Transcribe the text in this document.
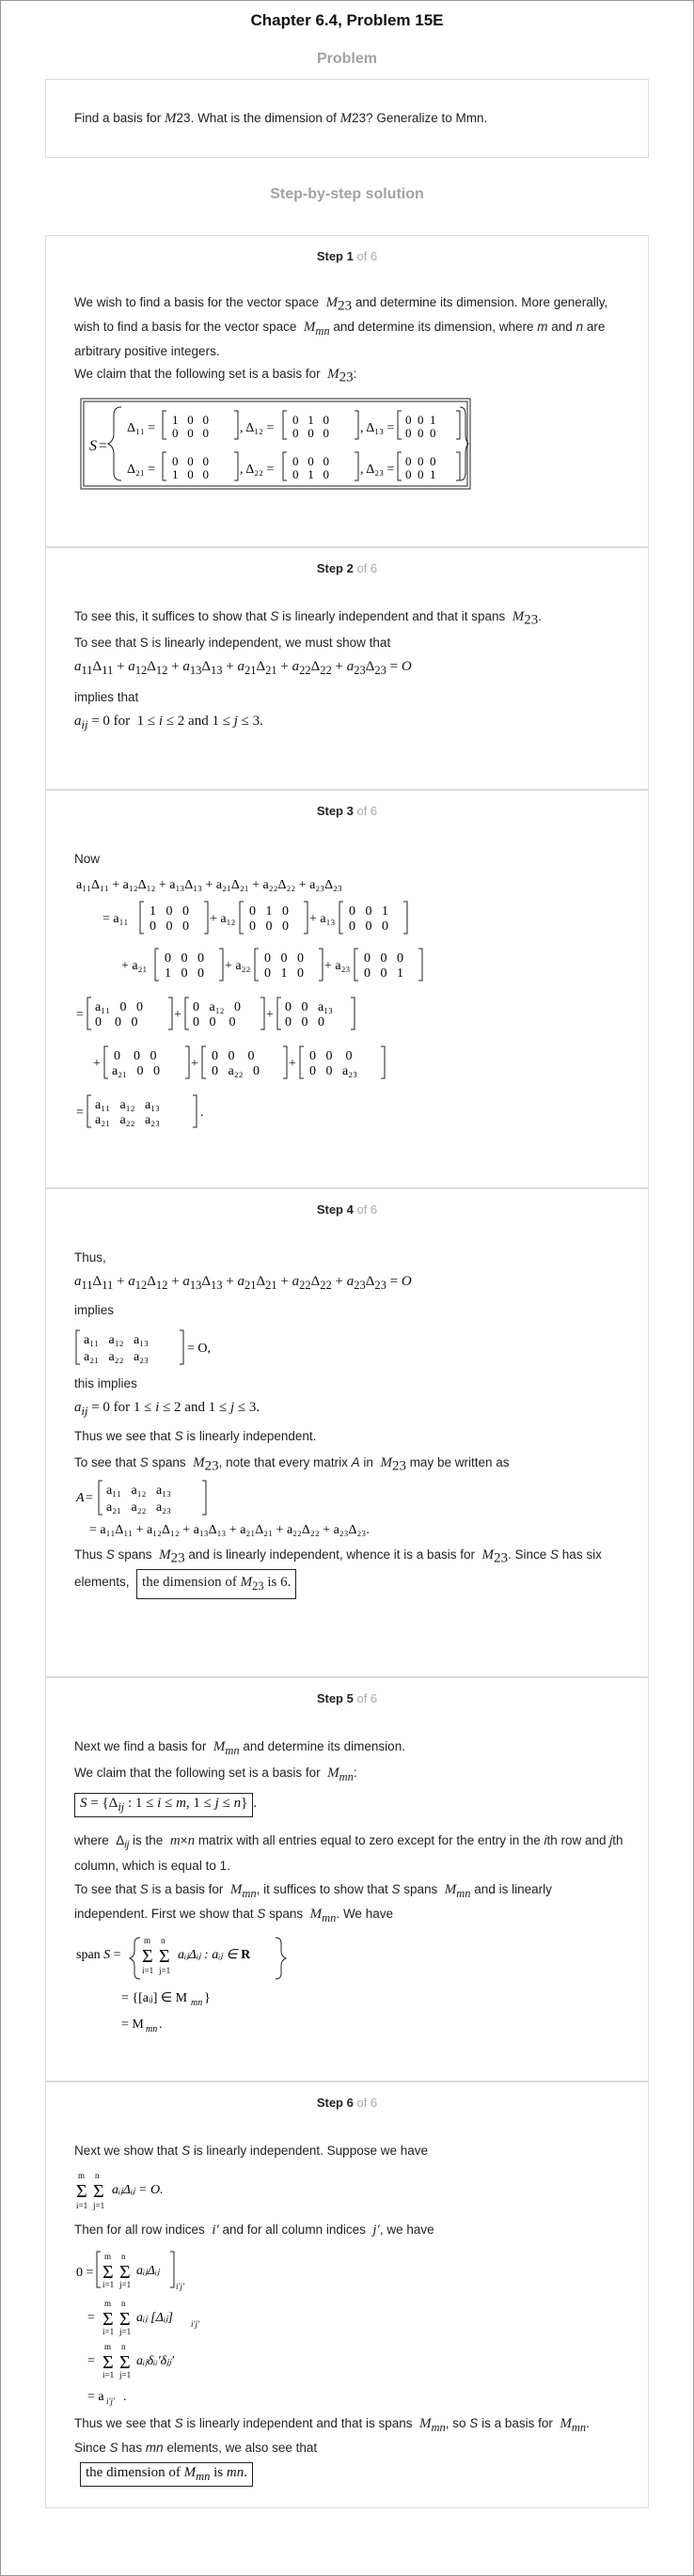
Chapter 6.4, Problem 15E
Problem
Find a basis for M23. What is the dimension of M23? Generalize to Mmn.
Step-by-step solution
Step 1 of 6
We wish to find a basis for the vector space  $M_{23}$ and determine its dimension. More generally, wish to find a basis for the vector space  $M_{mn}$ and determine its dimension, where m and n are arbitrary positive integers.
We claim that the following set is a basis for  $M_{23}$:
S =
Δ₁₁ =
1   0   0
0   0   0 , Δ₁₂ =
0   1   0
0   0   0 , Δ₁₃ =
0  0  1
0  0  0
Δ₂₁ =
0   0   0
1   0   0 , Δ₂₂ =
0   0   0
0   1   0 , Δ₂₃ =
0  0  0
0  0  1
Step 2 of 6
To see this, it suffices to show that S is linearly independent and that it spans  $M_{23}$.
To see that S is linearly independent, we must show that
$a_{11}\Delta_{11} + a_{12}\Delta_{12} + a_{13}\Delta_{13} + a_{21}\Delta_{21} + a_{22}\Delta_{22} + a_{23}\Delta_{23} = O$
implies that
$a_{ij} = 0$ for  1 ≤ i ≤ 2 and 1 ≤ j ≤ 3.
Step 3 of 6
Now
a₁₁Δ₁₁ + a₁₂Δ₁₂ + a₁₃Δ₁₃ + a₂₁Δ₂₁ + a₂₂Δ₂₂ + a₂₃Δ₂₃
= a₁₁
1   0   0
0   0   0
+ a₁₂
0   1   0
0   0   0
+ a₁₃
0   0   1
0   0   0
+ a₂₁
0   0   0
1   0   0
+ a₂₂
0   0   0
0   1   0
+ a₂₃
0   0   0
0   0   1
=
a₁₁   0   0
0    0   0
+
0   a₁₂   0
0   0    0
+
0   0   a₁₃
0   0   0
+
0    0   0
a₂₁   0   0
+
0   0    0
0   a₂₂   0
+
0   0    0
0   0   a₂₃
=
a₁₁   a₁₂   a₁₃
a₂₁   a₂₂   a₂₃
.
Step 4 of 6
Thus,
$a_{11}\Delta_{11} + a_{12}\Delta_{12} + a_{13}\Delta_{13} + a_{21}\Delta_{21} + a_{22}\Delta_{22} + a_{23}\Delta_{23} = O$
implies
a₁₁   a₁₂   a₁₃
a₂₁   a₂₂   a₂₃
= O,
this implies
$a_{ij} = 0$ for 1 ≤ i ≤ 2 and 1 ≤ j ≤ 3.
Thus we see that S is linearly independent.
To see that S spans  $M_{23}$, note that every matrix A in  $M_{23}$ may be written as
A =
a₁₁   a₁₂   a₁₃
a₂₁   a₂₂   a₂₃
= a₁₁Δ₁₁ + a₁₂Δ₁₂ + a₁₃Δ₁₃ + a₂₁Δ₂₁ + a₂₂Δ₂₂ + a₂₃Δ₂₃.
Thus S spans  $M_{23}$ and is linearly independent, whence it is a basis for  $M_{23}$. Since S has six elements,  the dimension of $M_{23}$ is 6.
Step 5 of 6
Next we find a basis for  $M_{mn}$ and determine its dimension.
We claim that the following set is a basis for  $M_{mn}$:
$S = \{\Delta_{ij}$ : 1 ≤ i ≤ m, 1 ≤ j ≤ n} .
where  $\Delta_{ij}$ is the  m×n matrix with all entries equal to zero except for the entry in the ith row and jth column, which is equal to 1.
To see that S is a basis for  $M_{mn}$, it suffices to show that S spans  $M_{mn}$ and is linearly independent. First we show that S spans  $M_{mn}$. We have
span S =
m
Σ
i=1
n
Σ
j=1
aᵢⱼΔᵢⱼ : aᵢⱼ ∈ R
= {[aᵢⱼ] ∈ M mn }
= M mn .
Step 6 of 6
Next we show that S is linearly independent. Suppose we have
m
Σ
i=1
n
Σ
j=1
aᵢⱼΔᵢⱼ = O.
Then for all row indices  i′ and for all column indices  j′, we have
0 =
m
Σ
i=1
n
Σ
j=1
aᵢⱼΔᵢⱼ
i′j′
=
m
Σ
i=1
n
Σ
j=1
aᵢⱼ [Δᵢⱼ] i′j′
=
m
Σ
i=1
n
Σ
j=1
aᵢⱼδᵢᵢ′δⱼⱼ′
= a i′j′ .
Thus we see that S is linearly independent and that is spans  $M_{mn}$, so S is a basis for  $M_{mn}$. Since S has mn elements, we also see that
the dimension of $M_{mn}$ is mn.
